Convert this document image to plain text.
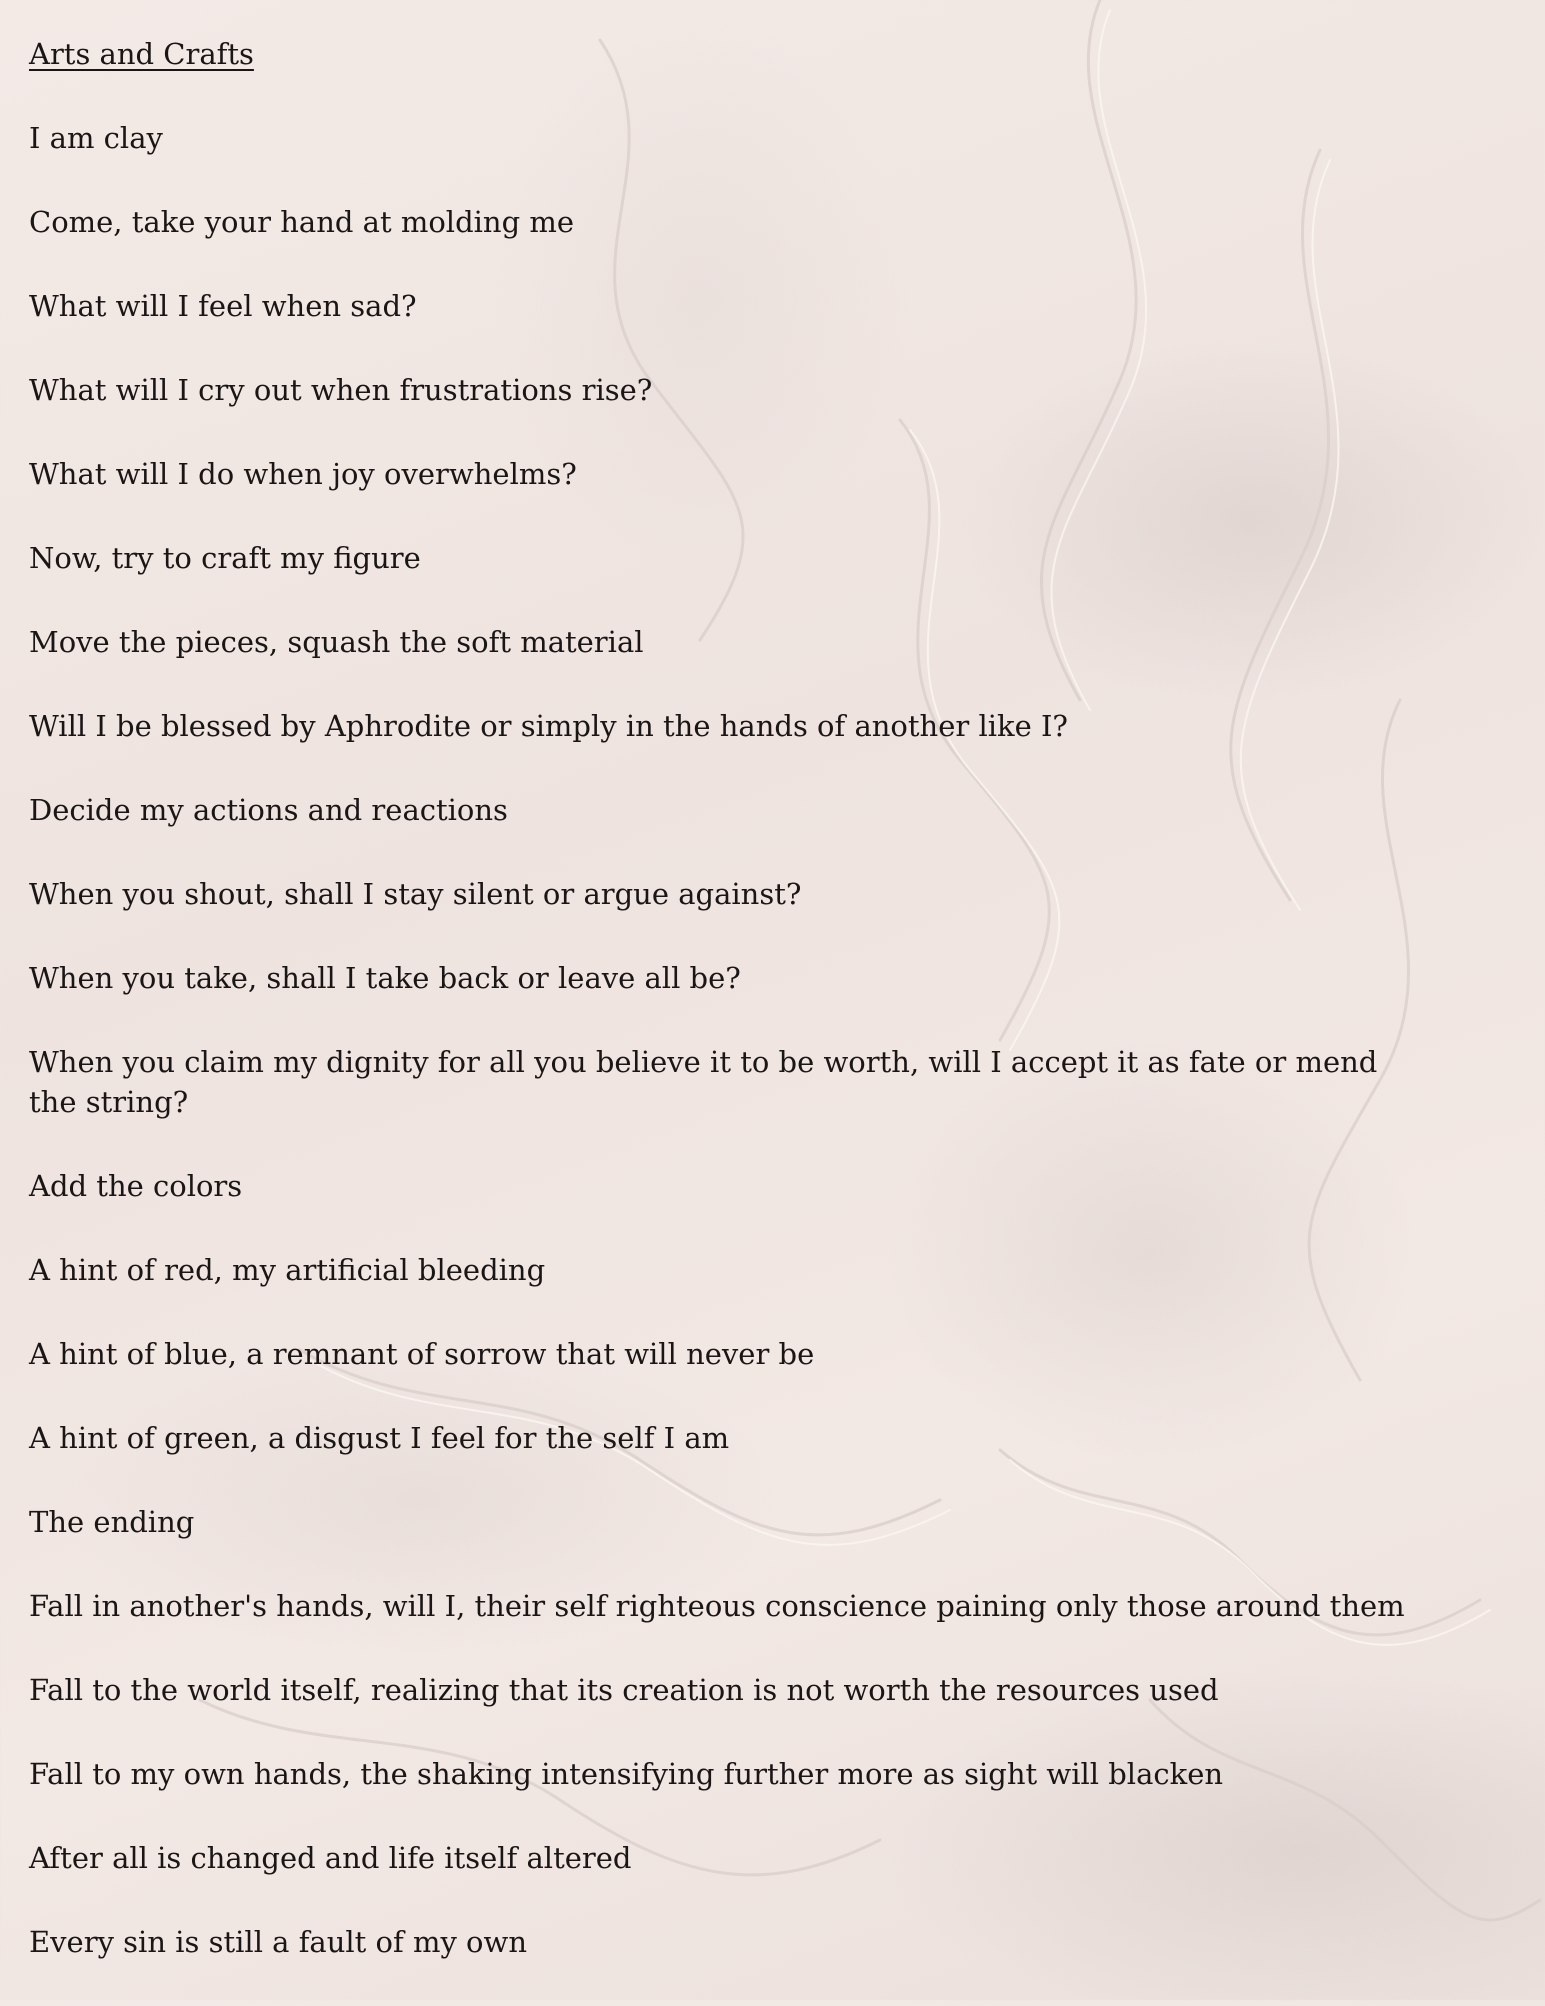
Arts and Crafts

I am clay

Come, take your hand at molding me

What will I feel when sad?

What will I cry out when frustrations rise?

What will I do when joy overwhelms?

Now, try to craft my figure

Move the pieces, squash the soft material

Will I be blessed by Aphrodite or simply in the hands of another like I?

Decide my actions and reactions

When you shout, shall I stay silent or argue against?

When you take, shall I take back or leave all be?

When you claim my dignity for all you believe it to be worth, will I accept it as fate or mend the string?

Add the colors

A hint of red, my artificial bleeding

A hint of blue, a remnant of sorrow that will never be

A hint of green, a disgust I feel for the self I am

The ending

Fall in another's hands, will I, their self righteous conscience paining only those around them

Fall to the world itself, realizing that its creation is not worth the resources used

Fall to my own hands, the shaking intensifying further more as sight will blacken

After all is changed and life itself altered

Every sin is still a fault of my own
